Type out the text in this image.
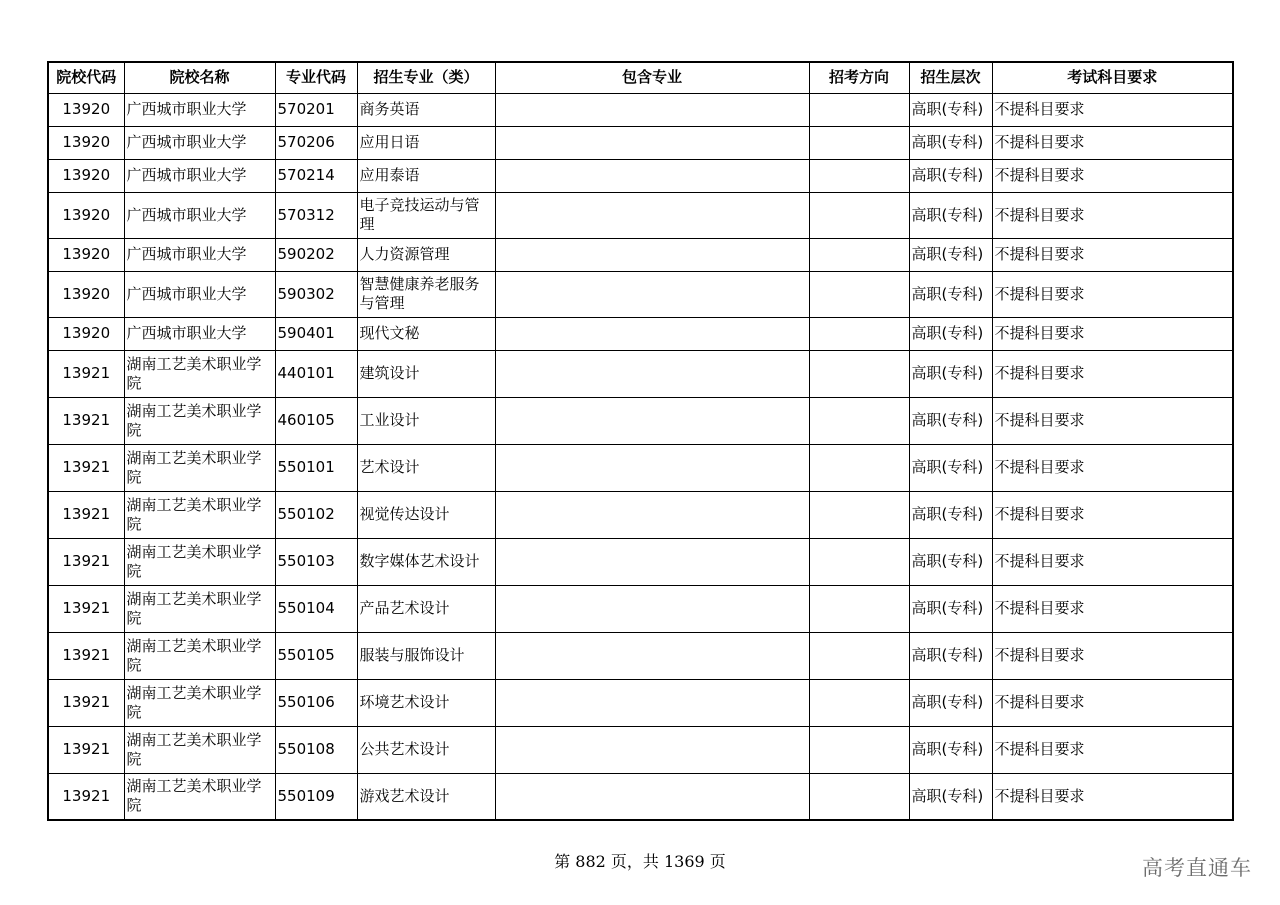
院校代码	院校名称	专业代码	招生专业（类）	包含专业	招考方向	招生层次	考试科目要求
13920	广西城市职业大学	570201	商务英语			高职(专科)	不提科目要求
13920	广西城市职业大学	570206	应用日语			高职(专科)	不提科目要求
13920	广西城市职业大学	570214	应用泰语			高职(专科)	不提科目要求
13920	广西城市职业大学	570312	电子竞技运动与管理			高职(专科)	不提科目要求
13920	广西城市职业大学	590202	人力资源管理			高职(专科)	不提科目要求
13920	广西城市职业大学	590302	智慧健康养老服务与管理			高职(专科)	不提科目要求
13920	广西城市职业大学	590401	现代文秘			高职(专科)	不提科目要求
13921	湖南工艺美术职业学院	440101	建筑设计			高职(专科)	不提科目要求
13921	湖南工艺美术职业学院	460105	工业设计			高职(专科)	不提科目要求
13921	湖南工艺美术职业学院	550101	艺术设计			高职(专科)	不提科目要求
13921	湖南工艺美术职业学院	550102	视觉传达设计			高职(专科)	不提科目要求
13921	湖南工艺美术职业学院	550103	数字媒体艺术设计			高职(专科)	不提科目要求
13921	湖南工艺美术职业学院	550104	产品艺术设计			高职(专科)	不提科目要求
13921	湖南工艺美术职业学院	550105	服装与服饰设计			高职(专科)	不提科目要求
13921	湖南工艺美术职业学院	550106	环境艺术设计			高职(专科)	不提科目要求
13921	湖南工艺美术职业学院	550108	公共艺术设计			高职(专科)	不提科目要求
13921	湖南工艺美术职业学院	550109	游戏艺术设计			高职(专科)	不提科目要求
第 882 页，共 1369 页	高考直通车
